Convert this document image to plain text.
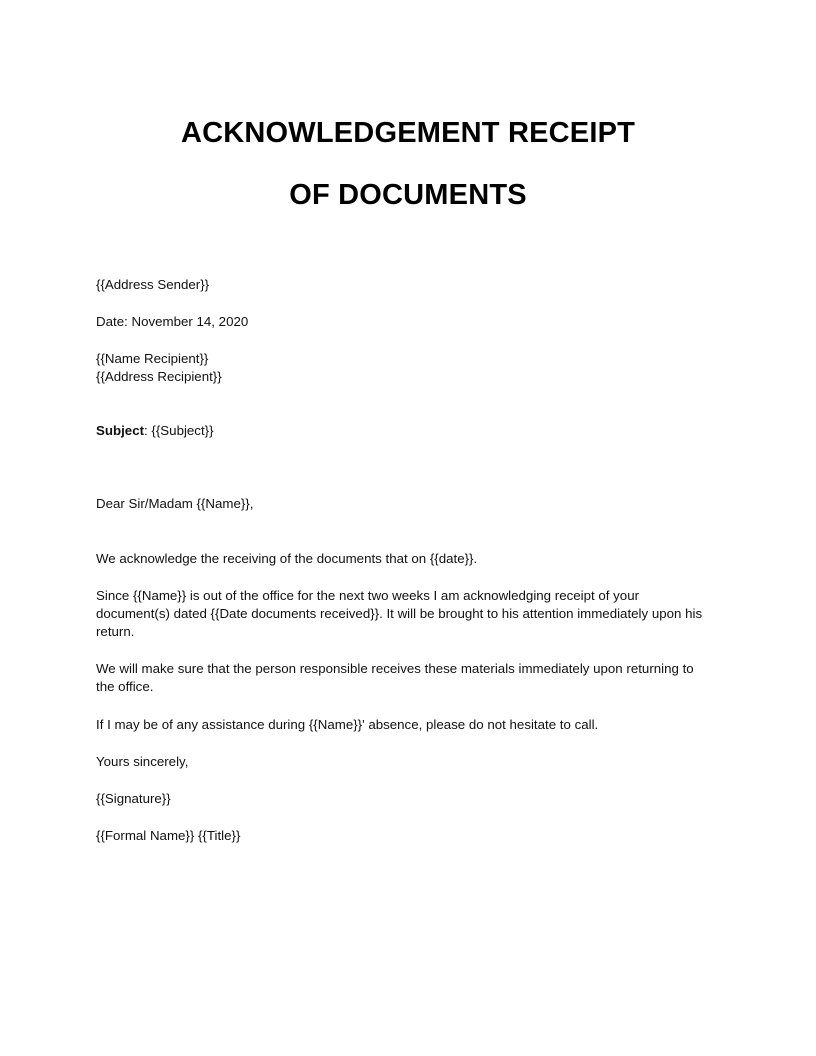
ACKNOWLEDGEMENT RECEIPT
OF DOCUMENTS

{{Address Sender}}

Date: November 14, 2020

{{Name Recipient}}

{{Address Recipient}}

Subject: {{Subject}}

Dear Sir/Madam {{Name}},

We acknowledge the receiving of the documents that on {{date}}.

Since {{Name}} is out of the office for the next two weeks I am acknowledging receipt of your

document(s) dated {{Date documents received}}. It will be brought to his attention immediately upon his

return.

We will make sure that the person responsible receives these materials immediately upon returning to

the office.

If I may be of any assistance during {{Name}}' absence, please do not hesitate to call.

Yours sincerely,

{{Signature}}

{{Formal Name}} {{Title}}
